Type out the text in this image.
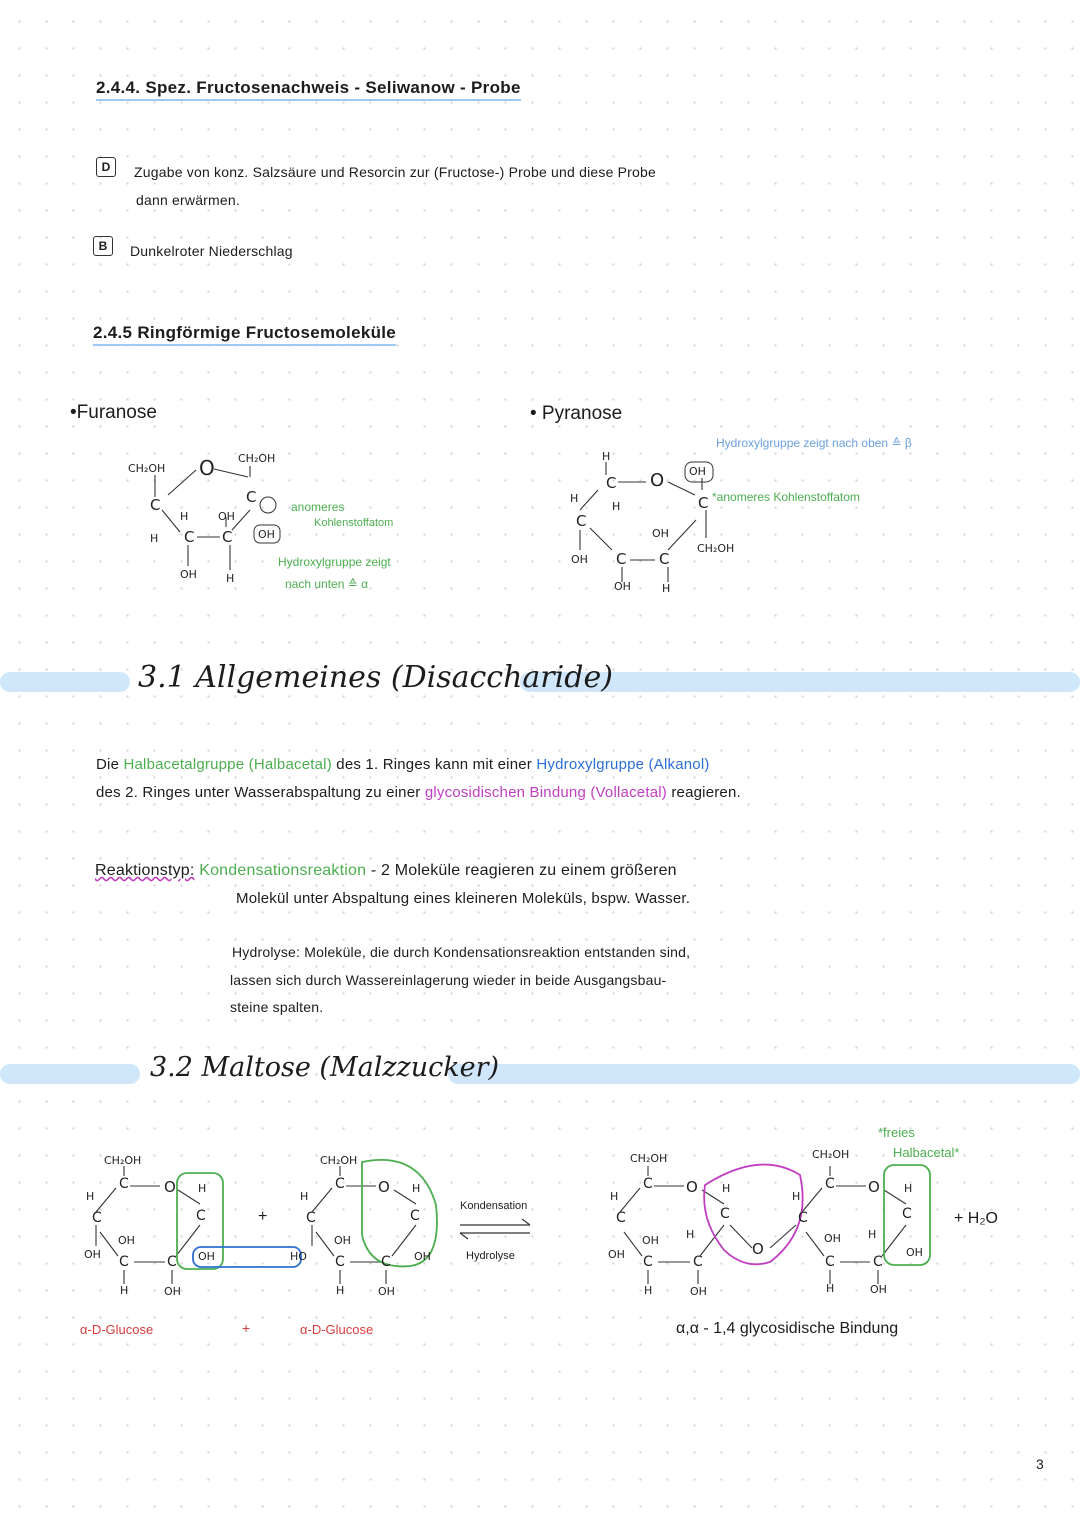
2.4.4. Spez. Fructosenachweis - Seliwanow - Probe
D	Zugabe von konz. Salzsäure und Resorcin zur (Fructose-) Probe und diese Probe
dann erwärmen.
B	Dunkelroter Niederschlag
2.4.5 Ringförmige Fructosemoleküle
•Furanose	• Pyranose
CH₂OH O CH₂OH
C	C
H	OH
H C C OH
OH	H
anomeres
Kohlenstoffatom
Hydroxylgruppe zeigt
nach unten ≙ α
H
C O OH
H
H	C
C
OH
CH₂OH
OH C C
OH	H
Hydroxylgruppe zeigt nach oben ≙ β
*anomeres Kohlenstoffatom
3.1 Allgemeines (Disaccharide)
Die Halbacetalgruppe (Halbacetal) des 1. Ringes kann mit einer Hydroxylgruppe (Alkanol)
des 2. Ringes unter Wasserabspaltung zu einer glycosidischen Bindung (Vollacetal) reagieren.
Reaktionstyp: Kondensationsreaktion - 2 Moleküle reagieren zu einem größeren
Molekül unter Abspaltung eines kleineren Moleküls, bspw. Wasser.
Hydrolyse: Moleküle, die durch Kondensationsreaktion entstanden sind,
lassen sich durch Wassereinlagerung wieder in beide Ausgangsbau-
steine spalten.
3.2 Maltose (Malzzucker)
CH₂OH
C O H
H
C	C
OH
OH
OH
C	C
H	OH
+
CH₂OH
C O H
H
C	C
HO
OH
OH
C	C
H	OH
Kondensation
Hydrolyse
CH₂OH
C O H
H
C	C
OH
OH
C	C
H
H	OH
O
CH₂OH
C O H
H
C	C
OH H
OH
C	C
H	OH
*freies
Halbacetal*
+ H₂O
α-D-Glucose	+	α-D-Glucose	α,α - 1,4 glycosidische Bindung
3
